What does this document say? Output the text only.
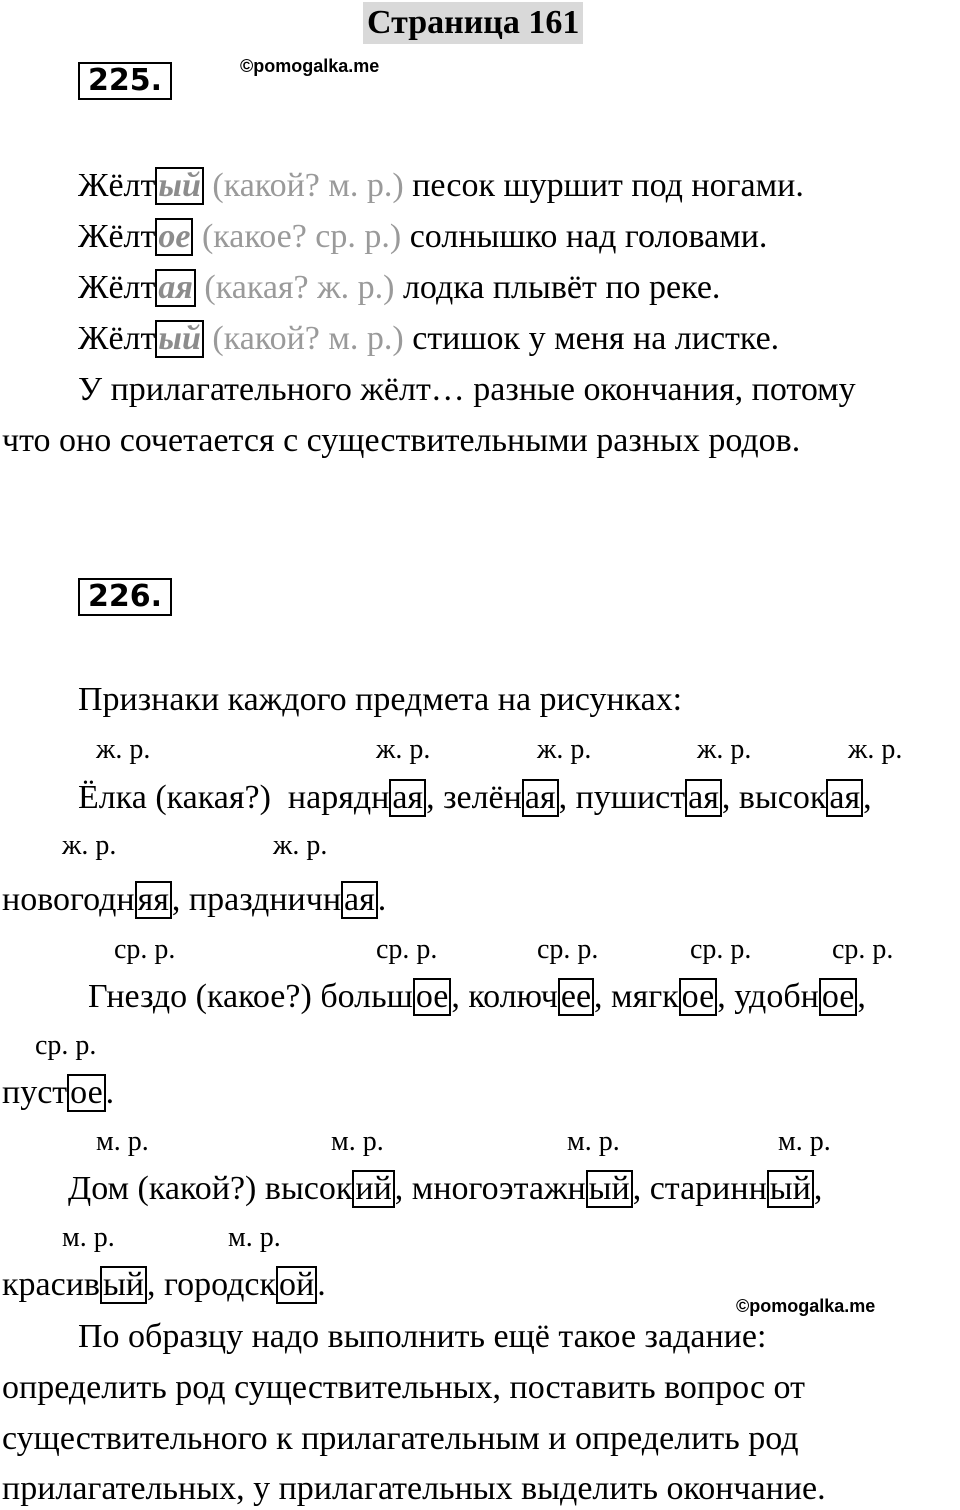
Страница 161
225.	©pomogalka.me
Жёлтый (какой? м. р.) песок шуршит под ногами.
Жёлтое (какое? ср. р.) солнышко над головами.
Жёлтая (какая? ж. р.) лодка плывёт по реке.
Жёлтый (какой? м. р.) стишок у меня на листке.
У прилагательного жёлт… разные окончания, потому
что оно сочетается с существительными разных родов.
226.
Признаки каждого предмета на рисунках:
ж. р.	ж. р.	ж. р.	ж. р.	ж. р.
Ёлка (какая?) нарядная, зелёная, пушистая, высокая,
ж. р.	ж. р.
новогодняя, праздничная.
ср. р.	ср. р.	ср. р.	ср. р.	ср. р.
Гнездо (какое?) большое, колючее, мягкое, удобное,
ср. р.
пустое.
м. р.	м. р.	м. р.	м. р.
Дом (какой?) высокий, многоэтажный, старинный,
м. р.	м. р.
красивый, городской.
©pomogalka.me
По образцу надо выполнить ещё такое задание:
определить род существительных, поставить вопрос от
существительного к прилагательным и определить род
прилагательных, у прилагательных выделить окончание.
